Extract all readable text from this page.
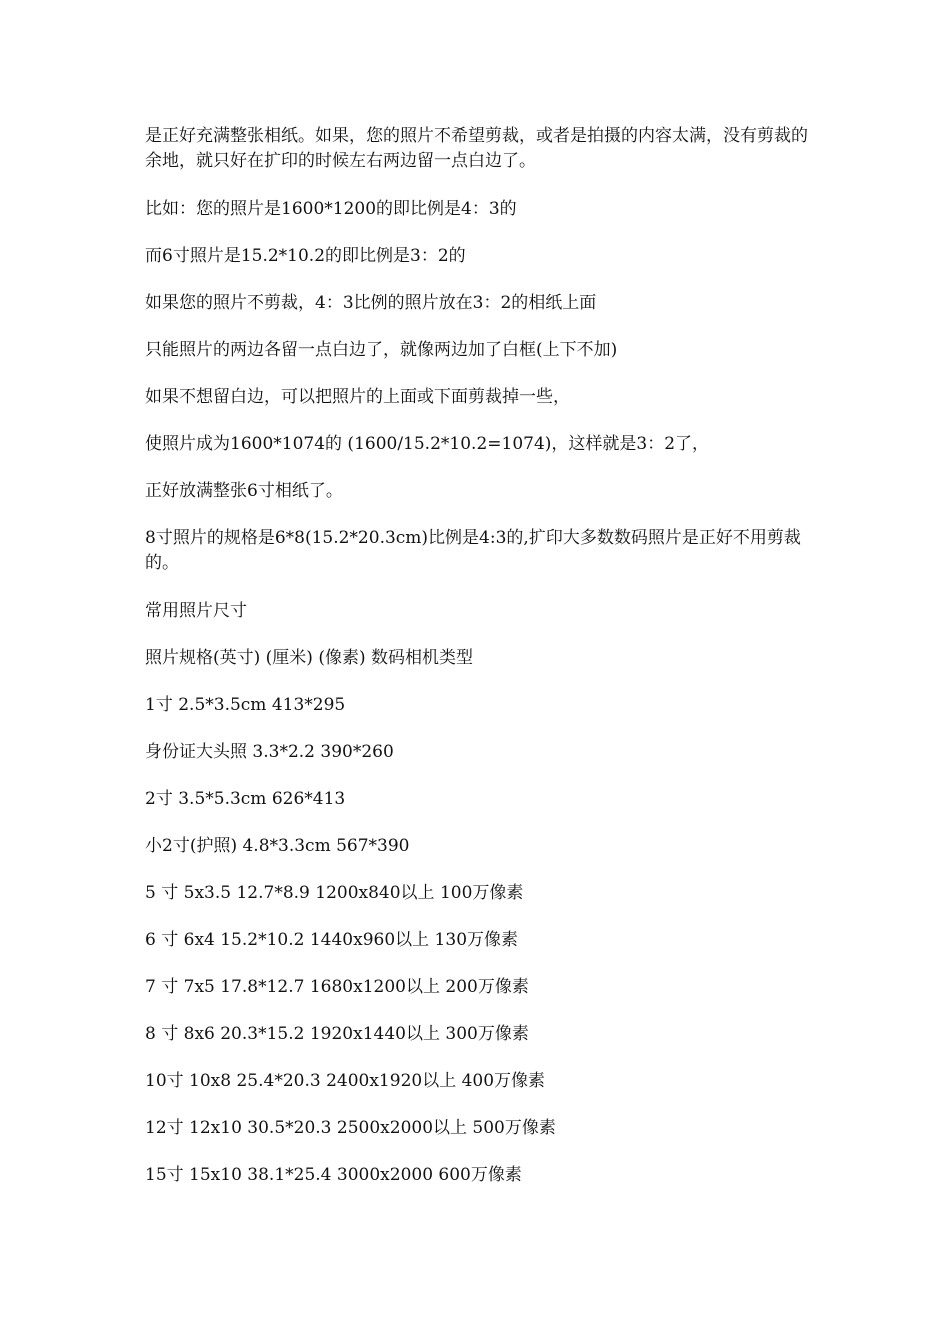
是正好充满整张相纸。如果，您的照片不希望剪裁，或者是拍摄的内容太满，没有剪裁的余地，就只好在扩印的时候左右两边留一点白边了。

比如：您的照片是1600*1200的即比例是4：3的

而6寸照片是15.2*10.2的即比例是3：2的

如果您的照片不剪裁，4：3比例的照片放在3：2的相纸上面

只能照片的两边各留一点白边了，就像两边加了白框(上下不加)

如果不想留白边，可以把照片的上面或下面剪裁掉一些，

使照片成为1600*1074的 (1600/15.2*10.2=1074)，这样就是3：2了，

正好放满整张6寸相纸了。

8寸照片的规格是6*8(15.2*20.3cm)比例是4:3的,扩印大多数数码照片是正好不用剪裁的。

常用照片尺寸

照片规格(英寸) (厘米) (像素) 数码相机类型

1寸 2.5*3.5cm 413*295

身份证大头照 3.3*2.2 390*260

2寸 3.5*5.3cm 626*413

小2寸(护照) 4.8*3.3cm 567*390

5 寸 5x3.5 12.7*8.9 1200x840以上 100万像素

6 寸 6x4 15.2*10.2 1440x960以上 130万像素

7 寸 7x5 17.8*12.7 1680x1200以上 200万像素

8 寸 8x6 20.3*15.2 1920x1440以上 300万像素

10寸 10x8 25.4*20.3 2400x1920以上 400万像素

12寸 12x10 30.5*20.3 2500x2000以上 500万像素

15寸 15x10 38.1*25.4 3000x2000 600万像素
